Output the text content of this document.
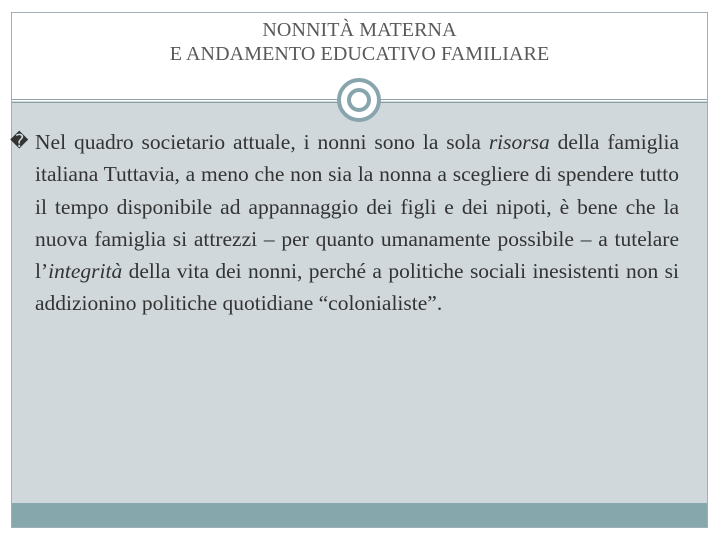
NONNITÀ MATERNA
E ANDAMENTO EDUCATIVO FAMILIARE

� Nel quadro societario attuale, i nonni sono la sola risorsa della famiglia italiana Tuttavia, a meno che non sia la nonna a scegliere di spendere tutto il tempo disponibile ad appannaggio dei figli e dei nipoti, è bene che la nuova famiglia si attrezzi – per quanto umanamente possibile – a tutelare l’integrità della vita dei nonni, perché a politiche sociali inesistenti non si addizionino politiche quotidiane “colonialiste”.
